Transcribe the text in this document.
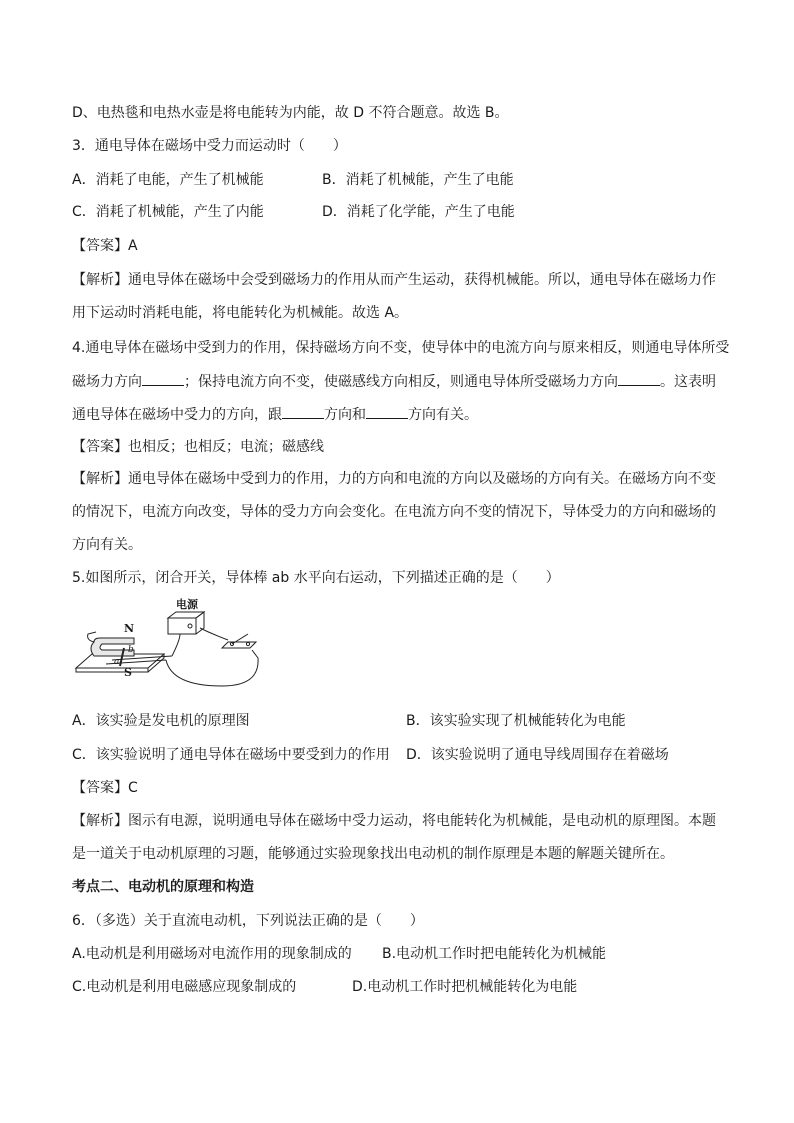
D、电热毯和电热水壶是将电能转为内能，故 D 不符合题意。故选 B。
3．通电导体在磁场中受力而运动时（　　）
A．消耗了电能，产生了机械能	B．消耗了机械能，产生了电能
C．消耗了机械能，产生了内能	D．消耗了化学能，产生了电能
【答案】A
【解析】通电导体在磁场中会受到磁场力的作用从而产生运动，获得机械能。所以，通电导体在磁场力作
用下运动时消耗电能，将电能转化为机械能。故选 A。
4.通电导体在磁场中受到力的作用，保持磁场方向不变，使导体中的电流方向与原来相反，则通电导体所受
磁场力方向	；保持电流方向不变，使磁感线方向相反，则通电导体所受磁场力方向	。这表明
通电导体在磁场中受力的方向，跟	方向和	方向有关。
【答案】也相反；也相反；电流；磁感线
【解析】通电导体在磁场中受到力的作用，力的方向和电流的方向以及磁场的方向有关。在磁场方向不变
的情况下，电流方向改变，导体的受力方向会变化。在电流方向不变的情况下，导体受力的方向和磁场的
方向有关。
5.如图所示，闭合开关，导体棒 ab 水平向右运动，下列描述正确的是（　　）
电源
N
S
a
b
A．该实验是发电机的原理图	B．该实验实现了机械能转化为电能
C．该实验说明了通电导体在磁场中要受到力的作用 D．该实验说明了通电导线周围存在着磁场
【答案】C
【解析】图示有电源，说明通电导体在磁场中受力运动，将电能转化为机械能，是电动机的原理图。本题
是一道关于电动机原理的习题，能够通过实验现象找出电动机的制作原理是本题的解题关键所在。
考点二、电动机的原理和构造
6．（多选）关于直流电动机，下列说法正确的是（　　）
A.电动机是利用磁场对电流作用的现象制成的 B.电动机工作时把电能转化为机械能
C.电动机是利用电磁感应现象制成的	D.电动机工作时把机械能转化为电能
